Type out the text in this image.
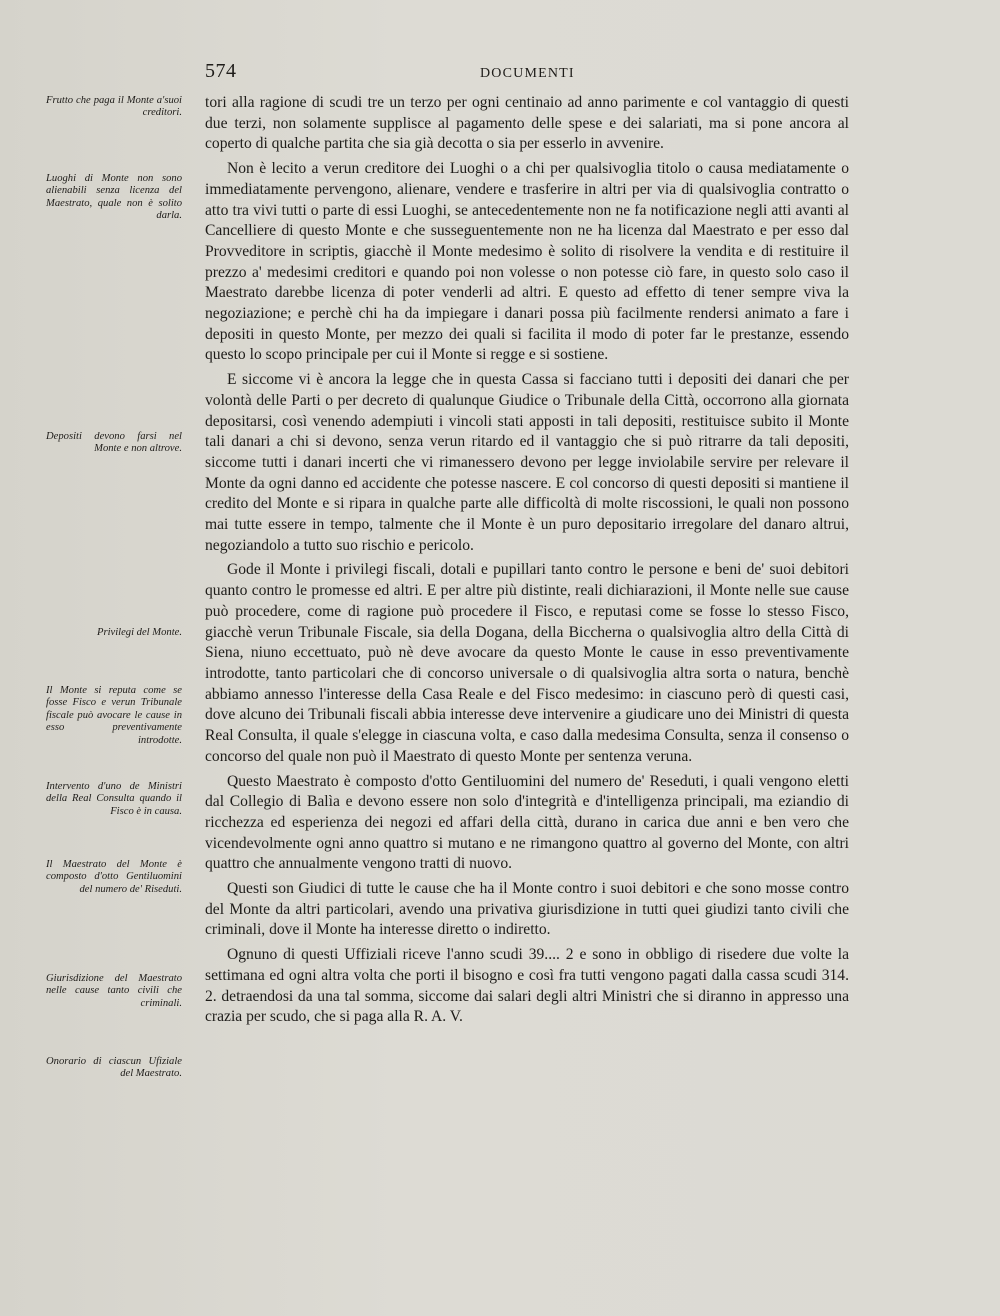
574	DOCUMENTI
Frutto che paga il Monte a'suoi creditori.
Luoghi di Monte non sono alienabili senza licenza del Maestrato, quale non è solito darla.
Depositi devono farsi nel Monte e non altrove.
Privilegi del Monte.
Il Monte si reputa come se fosse Fisco e verun Tribunale fiscale può avocare le cause in esso preventivamente introdotte.
Intervento d'uno de Ministri della Real Consulta quando il Fisco è in causa.
Il Maestrato del Monte è composto d'otto Gentiluomini del numero de' Riseduti.
Giurisdizione del Maestrato nelle cause tanto civili che criminali.
Onorario di ciascun Ufiziale del Maestrato.

tori alla ragione di scudi tre un terzo per ogni centinaio ad anno parimente e col vantaggio di questi due terzi, non solamente supplisce al pagamento delle spese e dei salariati, ma si pone ancora al coperto di qualche partita che sia già decotta o sia per esserlo in avvenire.

Non è lecito a verun creditore dei Luoghi o a chi per qualsivoglia titolo o causa mediatamente o immediatamente pervengono, alienare, vendere e trasferire in altri per via di qualsivoglia contratto o atto tra vivi tutti o parte di essi Luoghi, se antecedentemente non ne fa notificazione negli atti avanti al Cancelliere di questo Monte e che susseguentemente non ne ha licenza dal Maestrato e per esso dal Provveditore in scriptis, giacchè il Monte medesimo è solito di risolvere la vendita e di restituire il prezzo a' medesimi creditori e quando poi non volesse o non potesse ciò fare, in questo solo caso il Maestrato darebbe licenza di poter venderli ad altri. E questo ad effetto di tener sempre viva la negoziazione; e perchè chi ha da impiegare i danari possa più facilmente rendersi animato a fare i depositi in questo Monte, per mezzo dei quali si facilita il modo di poter far le prestanze, essendo questo lo scopo principale per cui il Monte si regge e si sostiene.

E siccome vi è ancora la legge che in questa Cassa si facciano tutti i depositi dei danari che per volontà delle Parti o per decreto di qualunque Giudice o Tribunale della Città, occorrono alla giornata depositarsi, così venendo adempiuti i vincoli stati apposti in tali depositi, restituisce subito il Monte tali danari a chi si devono, senza verun ritardo ed il vantaggio che si può ritrarre da tali depositi, siccome tutti i danari incerti che vi rimanessero devono per legge inviolabile servire per relevare il Monte da ogni danno ed accidente che potesse nascere. E col concorso di questi depositi si mantiene il credito del Monte e si ripara in qualche parte alle difficoltà di molte riscossioni, le quali non possono mai tutte essere in tempo, talmente che il Monte è un puro depositario irregolare del danaro altrui, negoziandolo a tutto suo rischio e pericolo.

Gode il Monte i privilegi fiscali, dotali e pupillari tanto contro le persone e beni de' suoi debitori quanto contro le promesse ed altri. E per altre più distinte, reali dichiarazioni, il Monte nelle sue cause può procedere, come di ragione può procedere il Fisco, e reputasi come se fosse lo stesso Fisco, giacchè verun Tribunale Fiscale, sia della Dogana, della Biccherna o qualsivoglia altro della Città di Siena, niuno eccettuato, può nè deve avocare da questo Monte le cause in esso preventivamente introdotte, tanto particolari che di concorso universale o di qualsivoglia altra sorta o natura, benchè abbiamo annesso l'interesse della Casa Reale e del Fisco medesimo: in ciascuno però di questi casi, dove alcuno dei Tribunali fiscali abbia interesse deve intervenire a giudicare uno dei Ministri di questa Real Consulta, il quale s'elegge in ciascuna volta, e caso dalla medesima Consulta, senza il consenso o concorso del quale non può il Maestrato di questo Monte per sentenza veruna.

Questo Maestrato è composto d'otto Gentiluomini del numero de' Reseduti, i quali vengono eletti dal Collegio di Balìa e devono essere non solo d'integrità e d'intelligenza principali, ma eziandio di ricchezza ed esperienza dei negozi ed affari della città, durano in carica due anni e ben vero che vicendevolmente ogni anno quattro si mutano e ne rimangono quattro al governo del Monte, con altri quattro che annualmente vengono tratti di nuovo.

Questi son Giudici di tutte le cause che ha il Monte contro i suoi debitori e che sono mosse contro del Monte da altri particolari, avendo una privativa giurisdizione in tutti quei giudizi tanto civili che criminali, dove il Monte ha interesse diretto o indiretto.

Ognuno di questi Uffiziali riceve l'anno scudi 39.... 2 e sono in obbligo di risedere due volte la settimana ed ogni altra volta che porti il bisogno e così fra tutti vengono pagati dalla cassa scudi 314. 2. detraendosi da una tal somma, siccome dai salari degli altri Ministri che si diranno in appresso una crazia per scudo, che si paga alla R. A. V.
